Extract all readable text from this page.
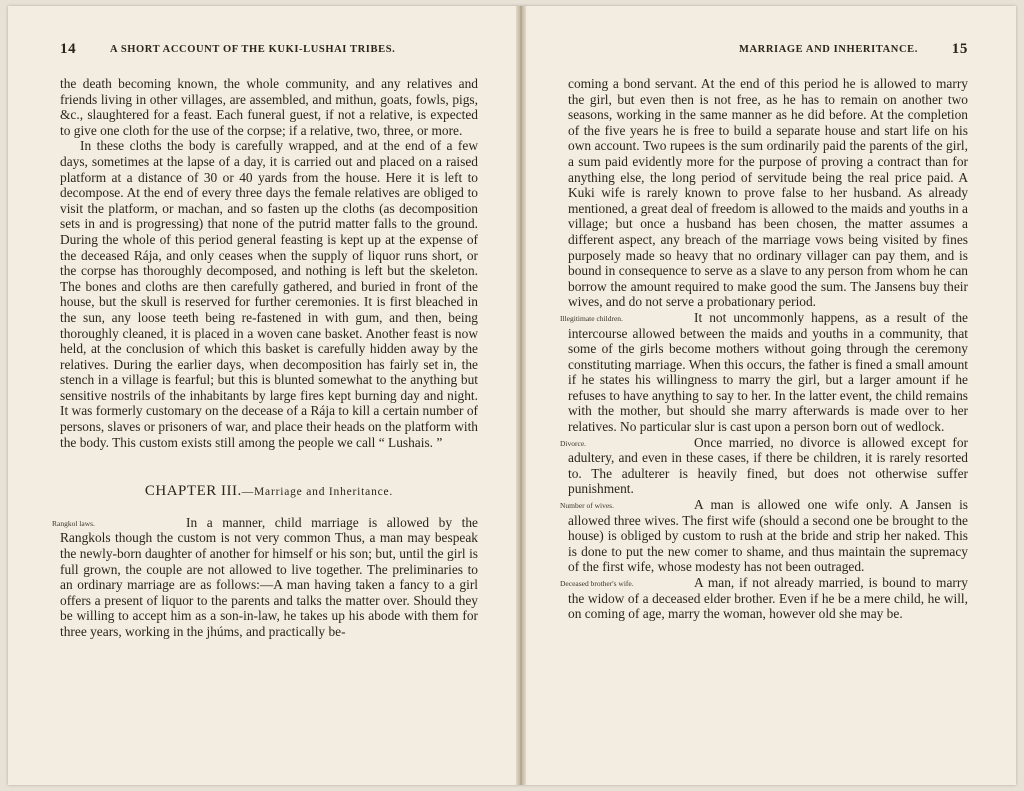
14	A SHORT ACCOUNT OF THE KUKI-LUSHAI TRIBES.

the death becoming known, the whole community, and any relatives and friends living in other villages, are assembled, and mithun, goats, fowls, pigs, &c., slaughtered for a feast. Each funeral guest, if not a relative, is expected to give one cloth for the use of the corpse; if a relative, two, three, or more.

In these cloths the body is carefully wrapped, and at the end of a few days, sometimes at the lapse of a day, it is carried out and placed on a raised platform at a distance of 30 or 40 yards from the house. Here it is left to decompose. At the end of every three days the female relatives are obliged to visit the platform, or machan, and so fasten up the cloths (as decomposition sets in and is progressing) that none of the putrid matter falls to the ground. During the whole of this period general feasting is kept up at the expense of the deceased Rája, and only ceases when the supply of liquor runs short, or the corpse has thoroughly decomposed, and nothing is left but the skeleton. The bones and cloths are then carefully gathered, and buried in front of the house, but the skull is reserved for further ceremonies. It is first bleached in the sun, any loose teeth being re-fastened in with gum, and then, being thoroughly cleaned, it is placed in a woven cane basket. Another feast is now held, at the conclusion of which this basket is carefully hidden away by the relatives. During the earlier days, when decomposition has fairly set in, the stench in a village is fearful; but this is blunted somewhat to the anything but sensitive nostrils of the inhabitants by large fires kept burning day and night. It was formerly customary on the decease of a Rája to kill a certain number of persons, slaves or prisoners of war, and place their heads on the platform with the body. This custom exists still among the people we call “ Lushais. ”

CHAPTER III.—Marriage and Inheritance.

Rangkol laws.	In a manner, child marriage is allowed by the Rangkols though the custom is not very common Thus, a man may bespeak the newly-born daughter of another for himself or his son; but, until the girl is full grown, the couple are not allowed to live together. The preliminaries to an ordinary marriage are as follows:—A man having taken a fancy to a girl offers a present of liquor to the parents and talks the matter over. Should they be willing to accept him as a son-in-law, he takes up his abode with them for three years, working in the jhúms, and practically be-

MARRIAGE AND INHERITANCE. 15

coming a bond servant. At the end of this period he is allowed to marry the girl, but even then is not free, as he has to remain on another two seasons, working in the same manner as he did before. At the completion of the five years he is free to build a separate house and start life on his own account. Two rupees is the sum ordinarily paid the parents of the girl, a sum paid evidently more for the purpose of proving a contract than for anything else, the long period of servitude being the real price paid. A Kuki wife is rarely known to prove false to her husband. As already mentioned, a great deal of freedom is allowed to the maids and youths in a village; but once a husband has been chosen, the matter assumes a different aspect, any breach of the marriage vows being visited by fines purposely made so heavy that no ordinary villager can pay them, and is bound in consequence to serve as a slave to any person from whom he can borrow the amount required to make good the sum. The Jansens buy their wives, and do not serve a probationary period.

Illegitimate children.	It not uncommonly happens, as a result of the intercourse allowed between the maids and youths in a community, that some of the girls become mothers without going through the ceremony constituting marriage. When this occurs, the father is fined a small amount if he states his willingness to marry the girl, but a larger amount if he refuses to have anything to say to her. In the latter event, the child remains with the mother, but should she marry afterwards is made over to her relatives. No particular slur is cast upon a person born out of wedlock.

Divorce.	Once married, no divorce is allowed except for adultery, and even in these cases, if there be children, it is rarely resorted to. The adulterer is heavily fined, but does not otherwise suffer punishment.

Number of wives.	A man is allowed one wife only. A Jansen is allowed three wives. The first wife (should a second one be brought to the house) is obliged by custom to rush at the bride and strip her naked. This is done to put the new comer to shame, and thus maintain the supremacy of the first wife, whose modesty has not been outraged.

Deceased brother's wife.	A man, if not already married, is bound to marry the widow of a deceased elder brother. Even if he be a mere child, he will, on coming of age, marry the woman, however old she may be.
